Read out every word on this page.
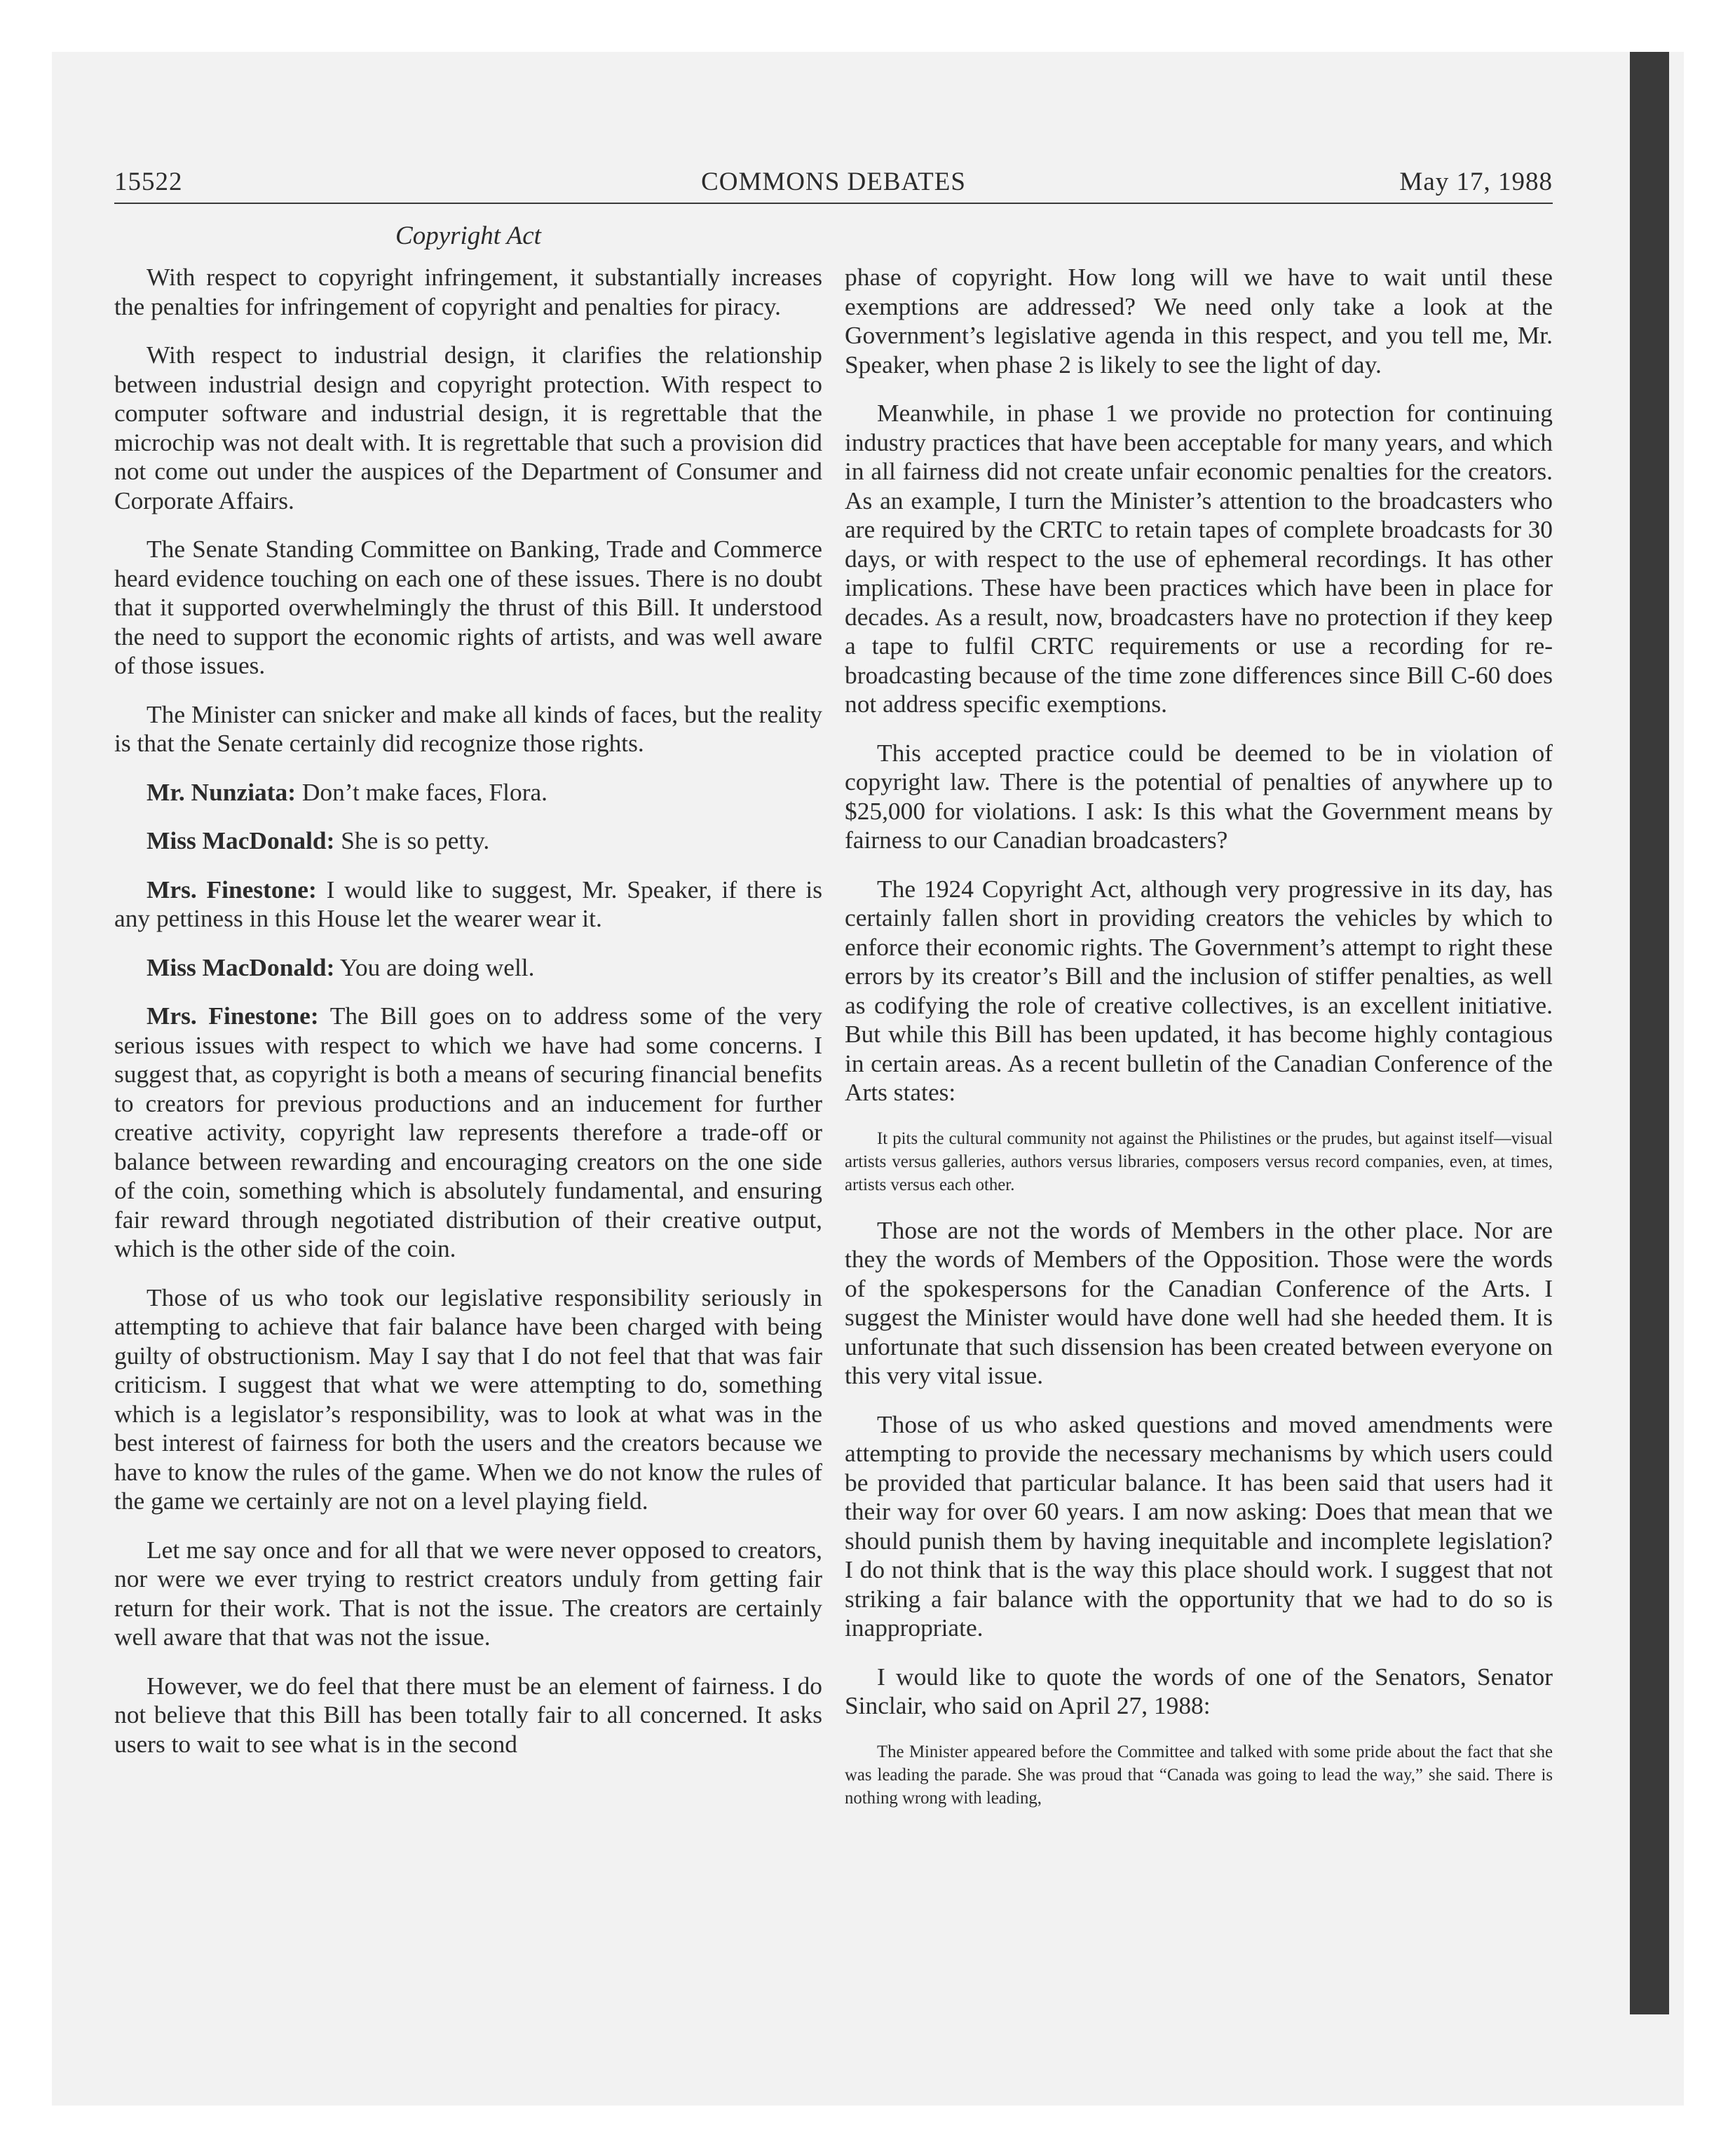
COMMONS DEBATES
15522	May 17, 1988
Copyright Act

With respect to copyright infringement, it substantially increases the penalties for infringement of copyright and penalties for piracy.

With respect to industrial design, it clarifies the relationship between industrial design and copyright protection. With respect to computer software and industrial design, it is regrettable that the microchip was not dealt with. It is regrettable that such a provision did not come out under the auspices of the Department of Consumer and Corporate Affairs.

The Senate Standing Committee on Banking, Trade and Commerce heard evidence touching on each one of these issues. There is no doubt that it supported overwhelmingly the thrust of this Bill. It understood the need to support the economic rights of artists, and was well aware of those issues.

The Minister can snicker and make all kinds of faces, but the reality is that the Senate certainly did recognize those rights.

Mr. Nunziata: Don’t make faces, Flora.

Miss MacDonald: She is so petty.

Mrs. Finestone: I would like to suggest, Mr. Speaker, if there is any pettiness in this House let the wearer wear it.

Miss MacDonald: You are doing well.

Mrs. Finestone: The Bill goes on to address some of the very serious issues with respect to which we have had some concerns. I suggest that, as copyright is both a means of securing financial benefits to creators for previous productions and an inducement for further creative activity, copyright law represents therefore a trade-off or balance between rewarding and encouraging creators on the one side of the coin, something which is absolutely fundamental, and ensuring fair reward through negotiated distribution of their creative output, which is the other side of the coin.

Those of us who took our legislative responsibility seriously in attempting to achieve that fair balance have been charged with being guilty of obstructionism. May I say that I do not feel that that was fair criticism. I suggest that what we were attempting to do, something which is a legislator’s responsibility, was to look at what was in the best interest of fairness for both the users and the creators because we have to know the rules of the game. When we do not know the rules of the game we certainly are not on a level playing field.

Let me say once and for all that we were never opposed to creators, nor were we ever trying to restrict creators unduly from getting fair return for their work. That is not the issue. The creators are certainly well aware that that was not the issue.

However, we do feel that there must be an element of fairness. I do not believe that this Bill has been totally fair to all concerned. It asks users to wait to see what is in the second

phase of copyright. How long will we have to wait until these exemptions are addressed? We need only take a look at the Government’s legislative agenda in this respect, and you tell me, Mr. Speaker, when phase 2 is likely to see the light of day.

Meanwhile, in phase 1 we provide no protection for continuing industry practices that have been acceptable for many years, and which in all fairness did not create unfair economic penalties for the creators. As an example, I turn the Minister’s attention to the broadcasters who are required by the CRTC to retain tapes of complete broadcasts for 30 days, or with respect to the use of ephemeral recordings. It has other implications. These have been practices which have been in place for decades. As a result, now, broadcasters have no protection if they keep a tape to fulfil CRTC requirements or use a recording for re-broadcasting because of the time zone differences since Bill C-60 does not address specific exemptions.

This accepted practice could be deemed to be in violation of copyright law. There is the potential of penalties of anywhere up to $25,000 for violations. I ask: Is this what the Government means by fairness to our Canadian broadcasters?

The 1924 Copyright Act, although very progressive in its day, has certainly fallen short in providing creators the vehicles by which to enforce their economic rights. The Government’s attempt to right these errors by its creator’s Bill and the inclusion of stiffer penalties, as well as codifying the role of creative collectives, is an excellent initiative. But while this Bill has been updated, it has become highly contagious in certain areas. As a recent bulletin of the Canadian Conference of the Arts states:

It pits the cultural community not against the Philistines or the prudes, but against itself—visual artists versus galleries, authors versus libraries, composers versus record companies, even, at times, artists versus each other.

Those are not the words of Members in the other place. Nor are they the words of Members of the Opposition. Those were the words of the spokespersons for the Canadian Conference of the Arts. I suggest the Minister would have done well had she heeded them. It is unfortunate that such dissension has been created between everyone on this very vital issue.

Those of us who asked questions and moved amendments were attempting to provide the necessary mechanisms by which users could be provided that particular balance. It has been said that users had it their way for over 60 years. I am now asking: Does that mean that we should punish them by having inequitable and incomplete legislation? I do not think that is the way this place should work. I suggest that not striking a fair balance with the opportunity that we had to do so is inappropriate.

I would like to quote the words of one of the Senators, Senator Sinclair, who said on April 27, 1988:

The Minister appeared before the Committee and talked with some pride about the fact that she was leading the parade. She was proud that “Canada was going to lead the way,” she said. There is nothing wrong with leading,
